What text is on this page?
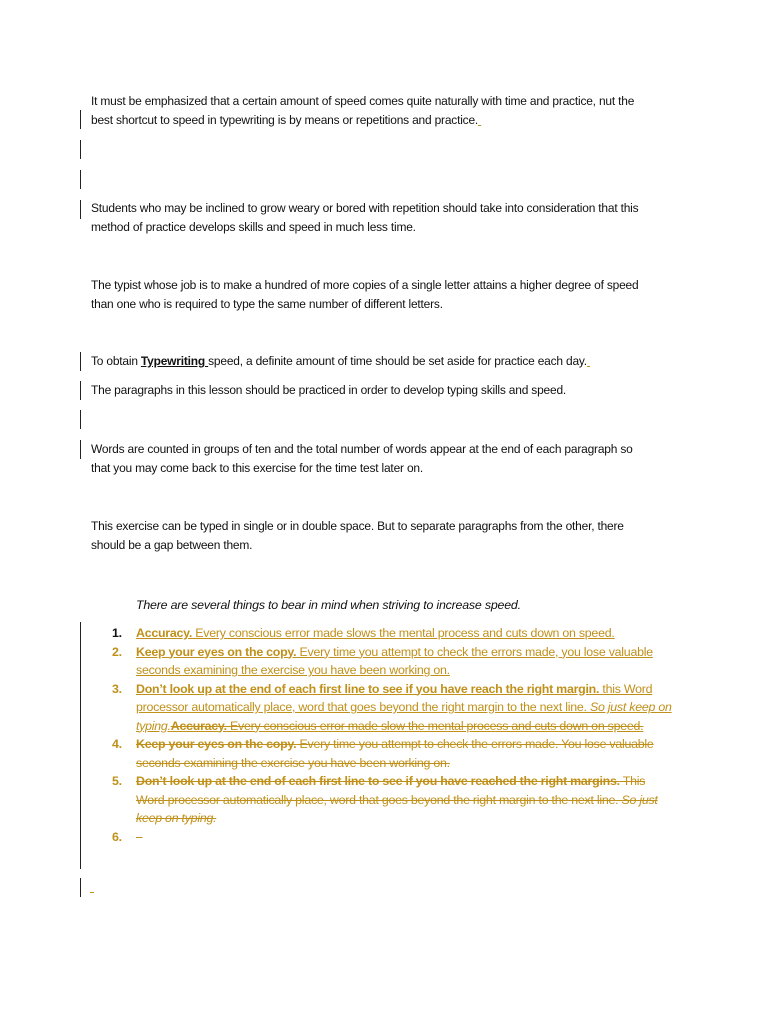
It must be emphasized that a certain amount of speed comes quite naturally with time and practice, nut the best shortcut to speed in typewriting is by means or repetitions and practice.
Students who may be inclined to grow weary or bored with repetition should take into consideration that this method of practice develops skills and speed in much less time.
The typist whose job is to make a hundred of more copies of a single letter attains a higher degree of speed than one who is required to type the same number of different letters.
To obtain Typewriting speed, a definite amount of time should be set aside for practice each day.
The paragraphs in this lesson should be practiced in order to develop typing skills and speed.
Words are counted in groups of ten and the total number of words appear at the end of each paragraph so that you may come back to this exercise for the time test later on.
This exercise can be typed in single or in double space. But to separate paragraphs from the other, there should be a gap between them.
There are several things to bear in mind when striving to increase speed.
1. Accuracy. Every conscious error made slows the mental process and cuts down on speed.
2. Keep your eyes on the copy. Every time you attempt to check the errors made, you lose valuable seconds examining the exercise you have been working on.
3. Don’t look up at the end of each first line to see if you have reach the right margin. this Word processor automatically place, word that goes beyond the right margin to the next line. So just keep on typing.Accuracy. Every conscious error made slow the mental process and cuts down on speed.
4. Keep your eyes on the copy. Every time you attempt to check the errors made. You lose valuable seconds examining the exercise you have been working on.
5. Don’t look up at the end of each first line to see if you have reached the right margins. This Word processor automatically place, word that goes beyond the right margin to the next line. So just keep on typing.
6.
